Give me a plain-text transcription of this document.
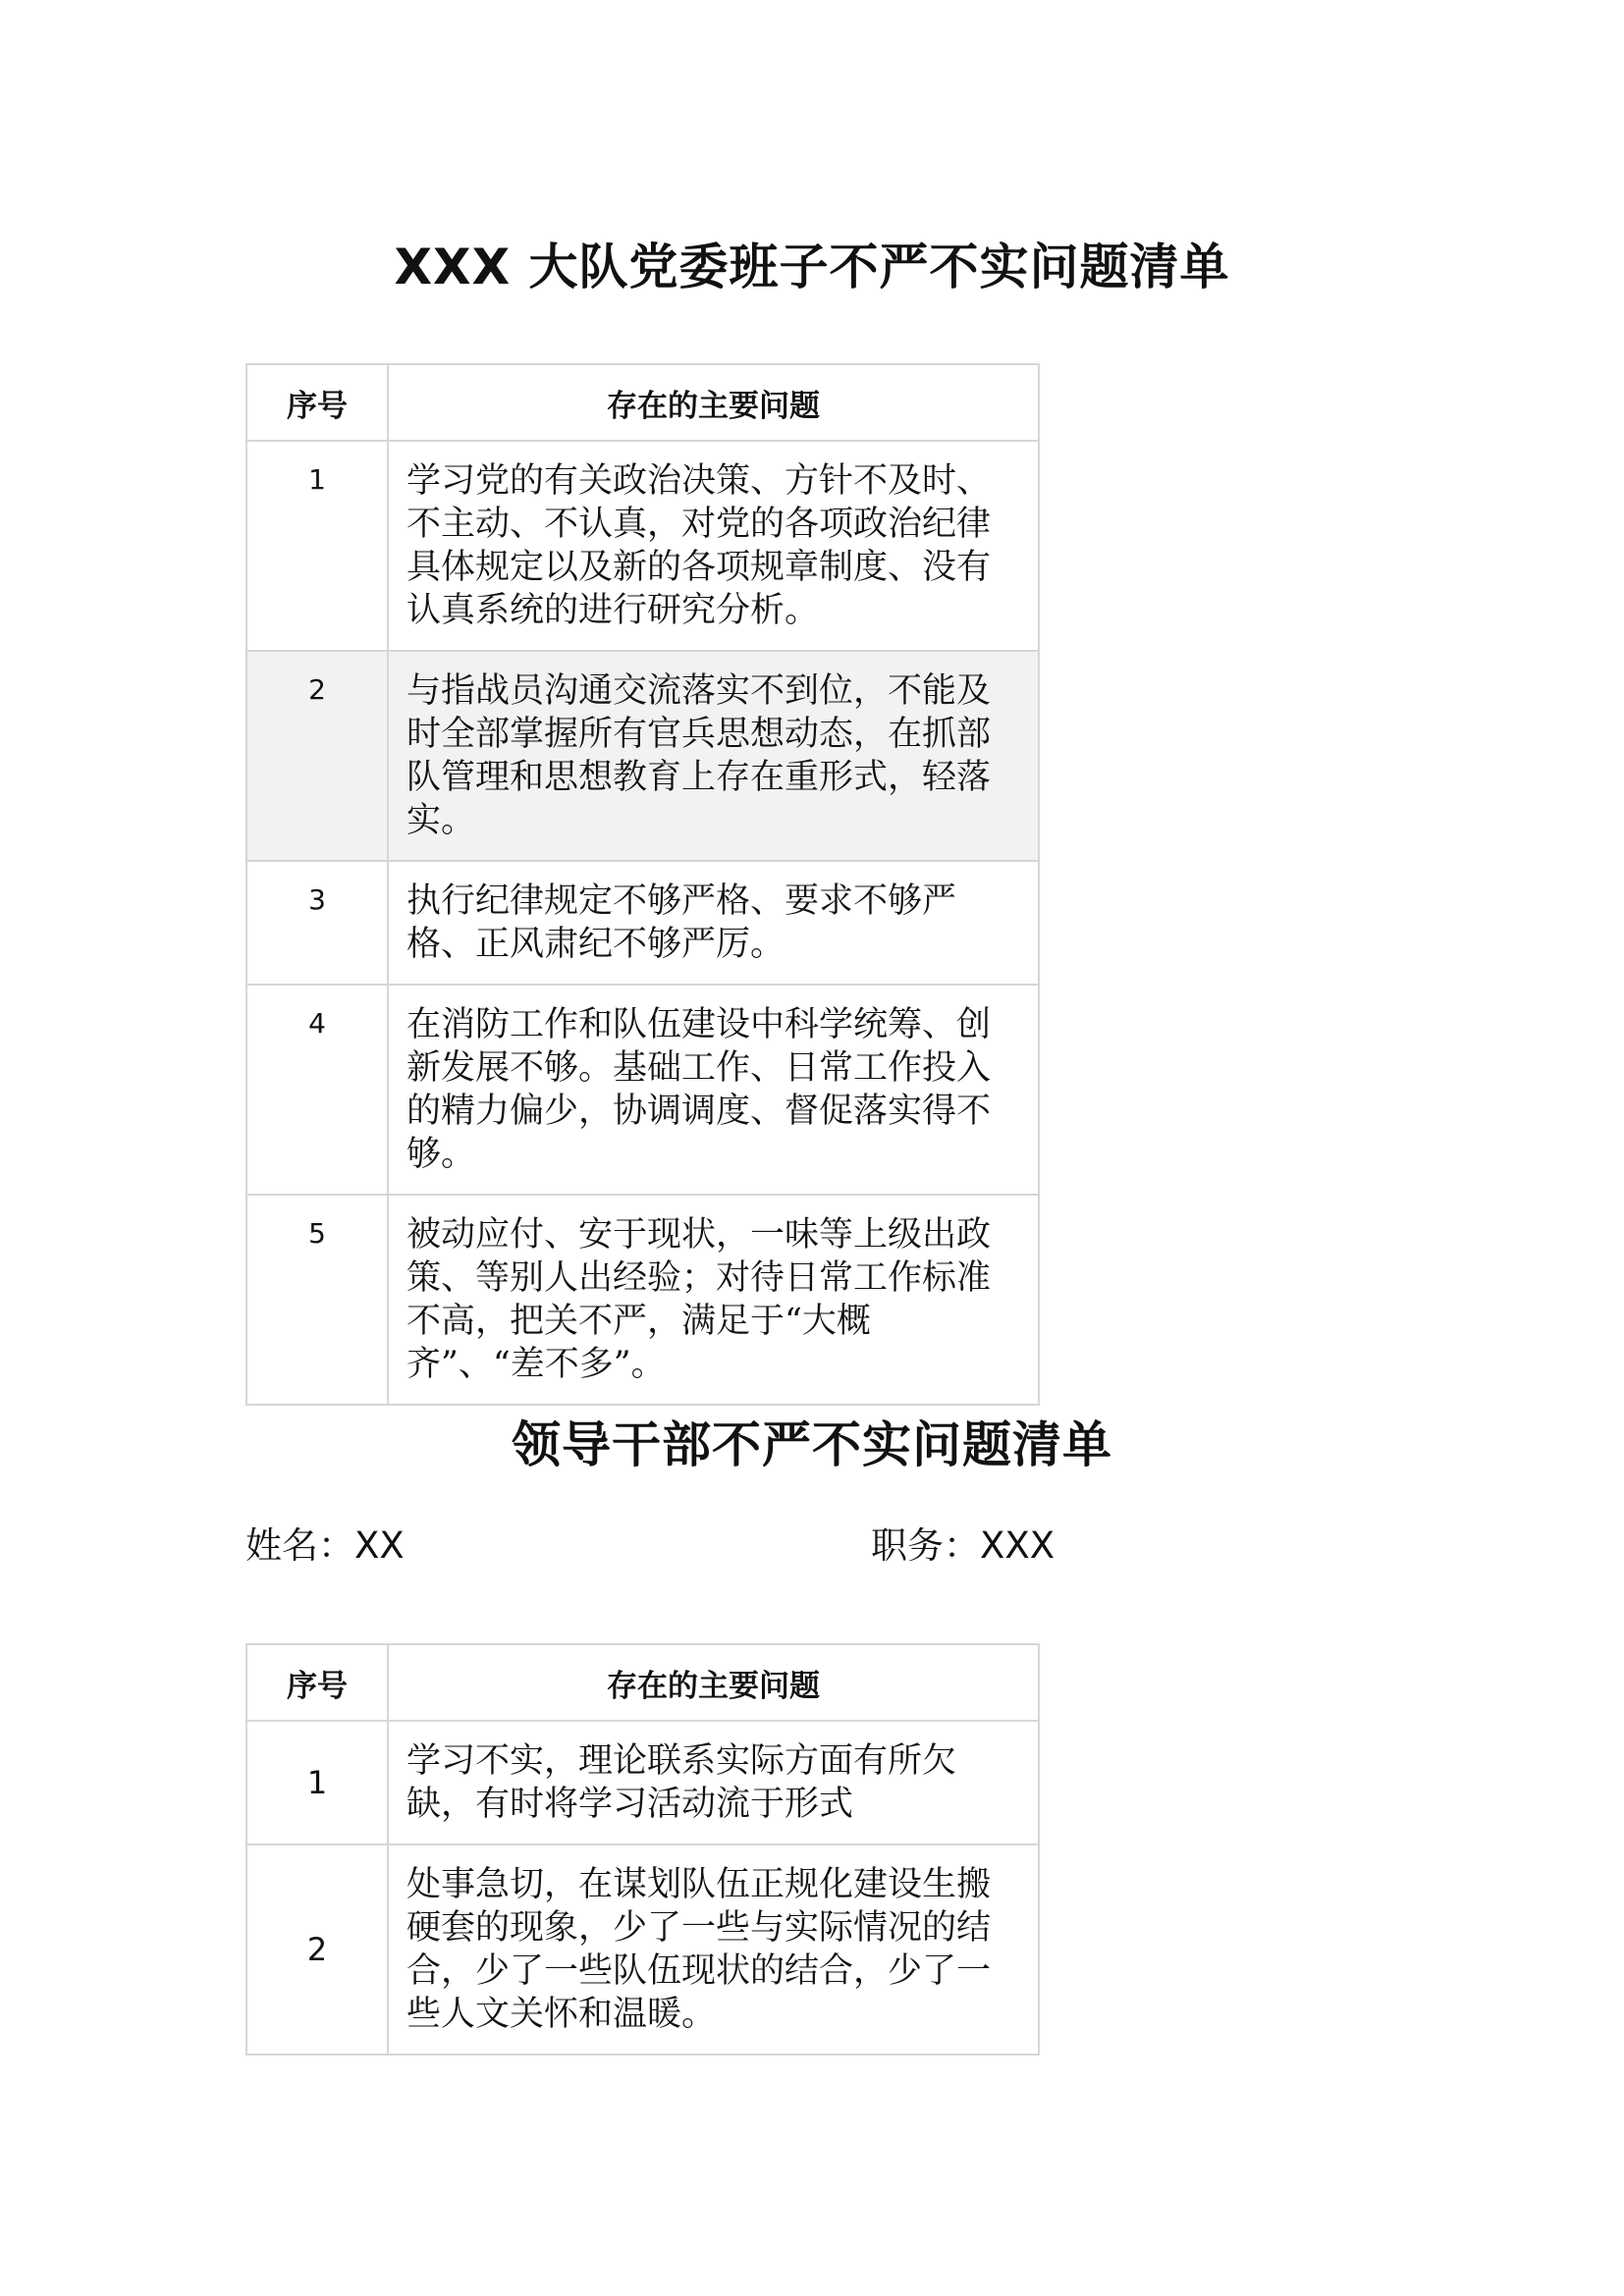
XXX 大队党委班子不严不实问题清单
序号	存在的主要问题
1	学习党的有关政治决策、方针不及时、不主动、不认真，对党的各项政治纪律具体规定以及新的各项规章制度、没有认真系统的进行研究分析。
2	与指战员沟通交流落实不到位，不能及时全部掌握所有官兵思想动态，在抓部队管理和思想教育上存在重形式，轻落实。
3	执行纪律规定不够严格、要求不够严格、正风肃纪不够严厉。
4	在消防工作和队伍建设中科学统筹、创新发展不够。基础工作、日常工作投入的精力偏少，协调调度、督促落实得不够。
5	被动应付、安于现状，一味等上级出政策、等别人出经验；对待日常工作标准不高，把关不严，满足于“大概齐”、“差不多”。
领导干部不严不实问题清单
姓名：XX	职务：XXX
序号	存在的主要问题
1	学习不实，理论联系实际方面有所欠缺，有时将学习活动流于形式
2	处事急切，在谋划队伍正规化建设生搬硬套的现象，少了一些与实际情况的结合，少了一些队伍现状的结合，少了一些人文关怀和温暖。
